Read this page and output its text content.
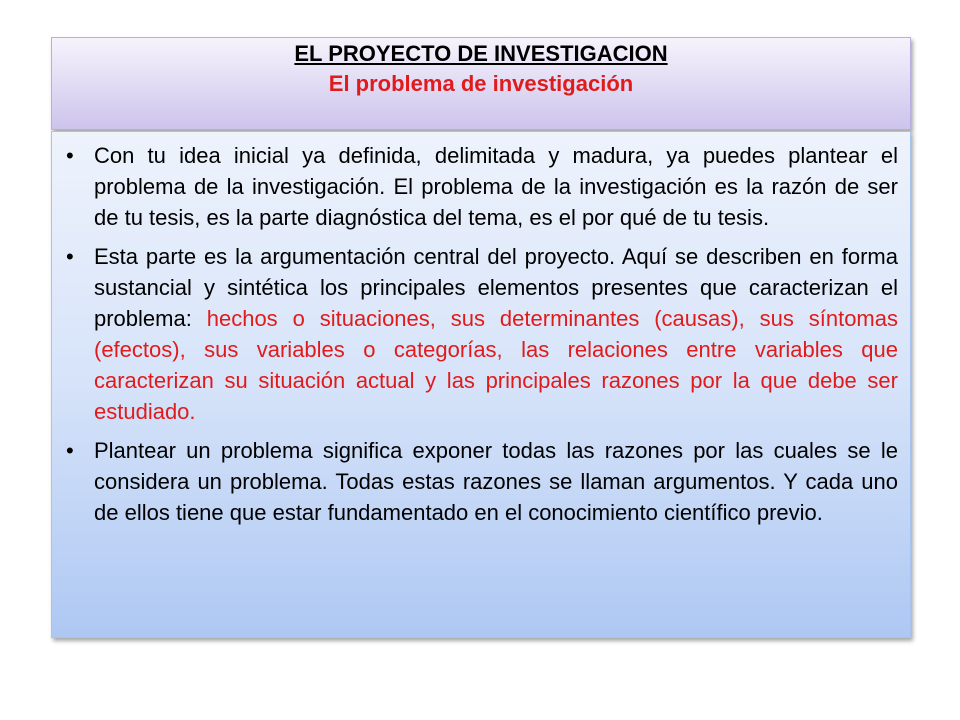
EL PROYECTO DE INVESTIGACION
El problema de investigación
• Con tu idea inicial ya definida, delimitada y madura, ya puedes plantear el problema de la investigación. El problema de la investigación es la razón de ser de tu tesis, es la parte diagnóstica del tema, es el por qué de tu tesis.
• Esta parte es la argumentación central del proyecto. Aquí se describen en forma sustancial y sintética los principales elementos presentes que caracterizan el problema: hechos o situaciones, sus determinantes (causas), sus síntomas (efectos), sus variables o categorías, las relaciones entre variables que caracterizan su situación actual y las principales razones por la que debe ser estudiado.
• Plantear un problema significa exponer todas las razones por las cuales se le considera un problema. Todas estas razones se llaman argumentos. Y cada uno de ellos tiene que estar fundamentado en el conocimiento científico previo.
